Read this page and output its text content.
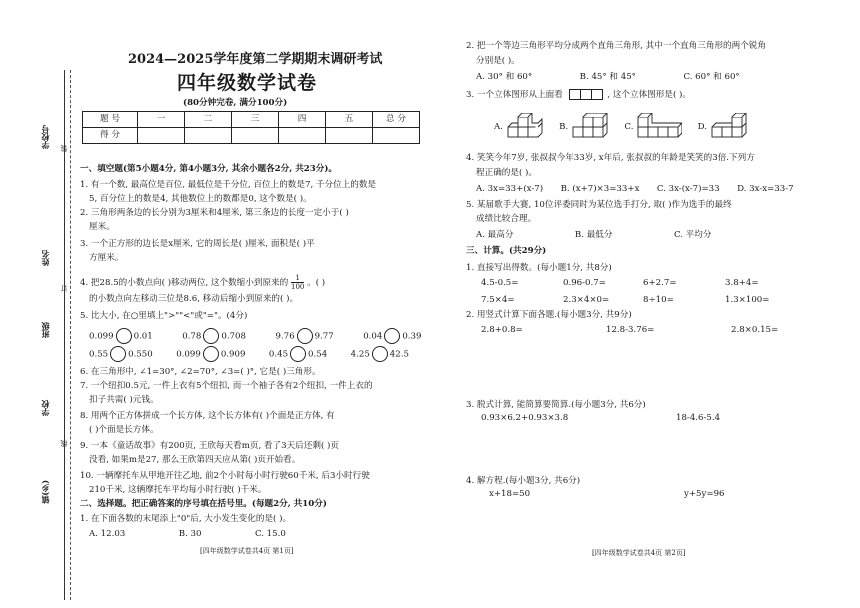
学校号
姓名
班级
学校
镇(乡)
装
订
线
2024—2025学年度第二学期期末调研考试
四年级数学试卷
(80分钟完卷, 满分100分)
题 号	一	二	三	四	五	总 分
得 分						
一、填空题(第5小题4分, 第4小题3分, 其余小题各2分, 共23分)。
1. 有一个数, 最高位是百位, 最低位是千分位, 百位上的数是7, 千分位上的数是
5, 百分位上的数是4, 其他数位上的数都是0, 这个数是( )。
2. 三角形两条边的长分别为3厘米和4厘米, 第三条边的长度一定小于( )
厘米。
3. 一个正方形的边长是x厘米, 它的周长是( )厘米, 面积是( )平
方厘米。
4. 把28.5的小数点向( )移动两位, 这个数缩小到原来的 $\frac{1}{100}$ 。( )
的小数点向左移动三位是8.6, 移动后缩小到原来的( )。
5. 比大小, 在○里填上">""<"或"="。(4分)
0.099 0.01	0.78 0.708	9.76 9.77	0.04 0.39
0.55 0.550	0.099 0.909	0.45 0.54	4.25 42.5
6. 在三角形中, ∠1=30°, ∠2=70°, ∠3=( )°, 它是( )三角形。
7. 一个纽扣0.5元, 一件上衣有5个纽扣, 而一个袖子各有2个纽扣, 一件上衣的
扣子共需( )元钱。
8. 用两个正方体拼成一个长方体, 这个长方体有( )个面是正方体, 有
( )个面是长方体。
9. 一本《童话故事》有200页, 王欣每天看m页, 看了3天后还剩( )页
没看, 如果m是27, 那么王欣第四天应从第( )页开始看。
10. 一辆摩托车从甲地开往乙地, 前2个小时每小时行驶60千米, 后3小时行驶
210千米, 这辆摩托车平均每小时行驶( )千米。
二、选择题。把正确答案的序号填在括号里。(每题2分, 共10分)
1. 在下面各数的末尾添上"0"后, 大小发生变化的是( )。
A. 12.03	B. 30	C. 15.0
[四年级数学试卷共4页 第1页]
2. 把一个等边三角形平均分成两个直角三角形, 其中一个直角三角形的两个锐角
分别是( )。
A. 30° 和 60°	B. 45° 和 45°	C. 60° 和 60°
3. 一个立体图形从上面看	, 这个立体图形是( )。
A.	B.	C.	D.
4. 笑笑今年7岁, 张叔叔今年33岁, x年后, 张叔叔的年龄是笑笑的3倍.下列方
程正确的是( )。
A. 3x=33+(x-7) B. (x+7)×3=33+x C. 3x-(x-7)=33 D. 3x-x=33-7
5. 某届歌手大赛, 10位评委同时为某位选手打分, 取( )作为选手的最终
成绩比较合理。
A. 最高分	B. 最低分	C. 平均分
三、计算。(共29分)
1. 直接写出得数。(每小题1分, 共8分)
4.5-0.5=	0.96-0.7=	6+2.7=	3.8+4=
7.5×4=	2.3×4×0=	8÷10=	1.3×100=
2. 用竖式计算下面各题.(每小题3分, 共9分)
2.8+0.8=	12.8-3.76=	2.8×0.15=
3. 脱式计算, 能简算要简算.(每小题3分, 共6分)
0.93×6.2+0.93×3.8	18-4.6-5.4
4. 解方程.(每小题3分, 共6分)
x+18=50	y+5y=96
[四年级数学试卷共4页 第2页]
